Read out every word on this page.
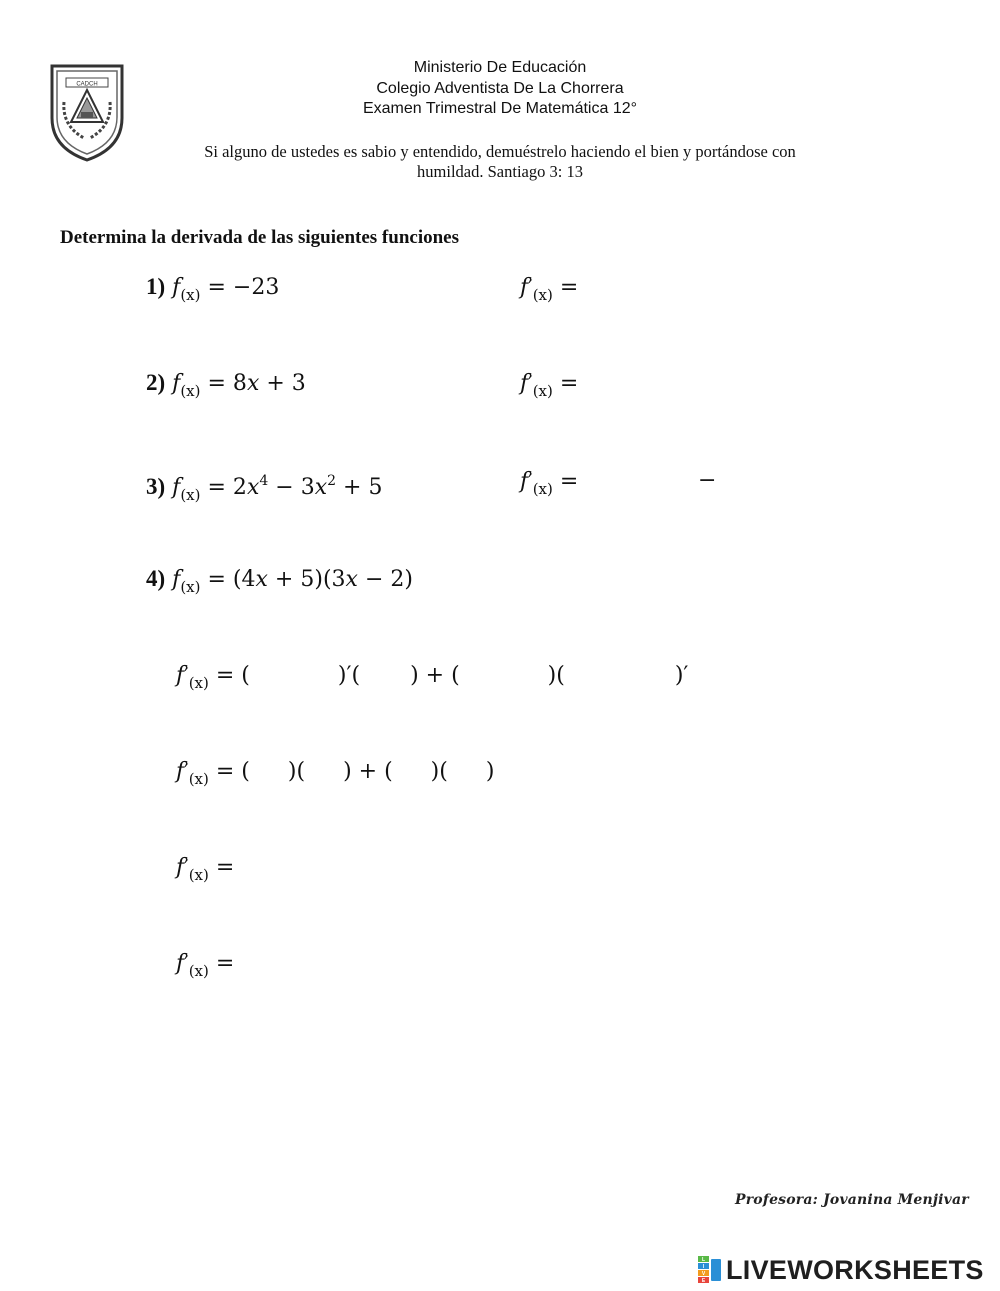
CADCH
Ministerio De Educación
Colegio Adventista De La Chorrera
Examen Trimestral De Matemática 12°
Si alguno de ustedes es sabio y entendido, demuéstrelo haciendo el bien y portándose con
humildad. Santiago 3: 13
Determina la derivada de las siguientes funciones
1) $f_{(x)} = -23$	$f'_{(x)}$ =
2) $f_{(x)} = 8x + 3$	$f'_{(x)}$ =
3) $f_{(x)} = 2x^4 - 3x^2 + 5$	$f'_{(x)}$ =	−
4) $f_{(x)} = (4x + 5)(3x - 2)$
$f'_{(x)}$ = (	)′( ) + (	)(	)′
$f'_{(x)}$ = ( )( ) + ( )( )
$f'_{(x)}$ =
$f'_{(x)}$ =
Profesora: Jovanina Menjivar
L
I
V
E LIVEWORKSHEETS
